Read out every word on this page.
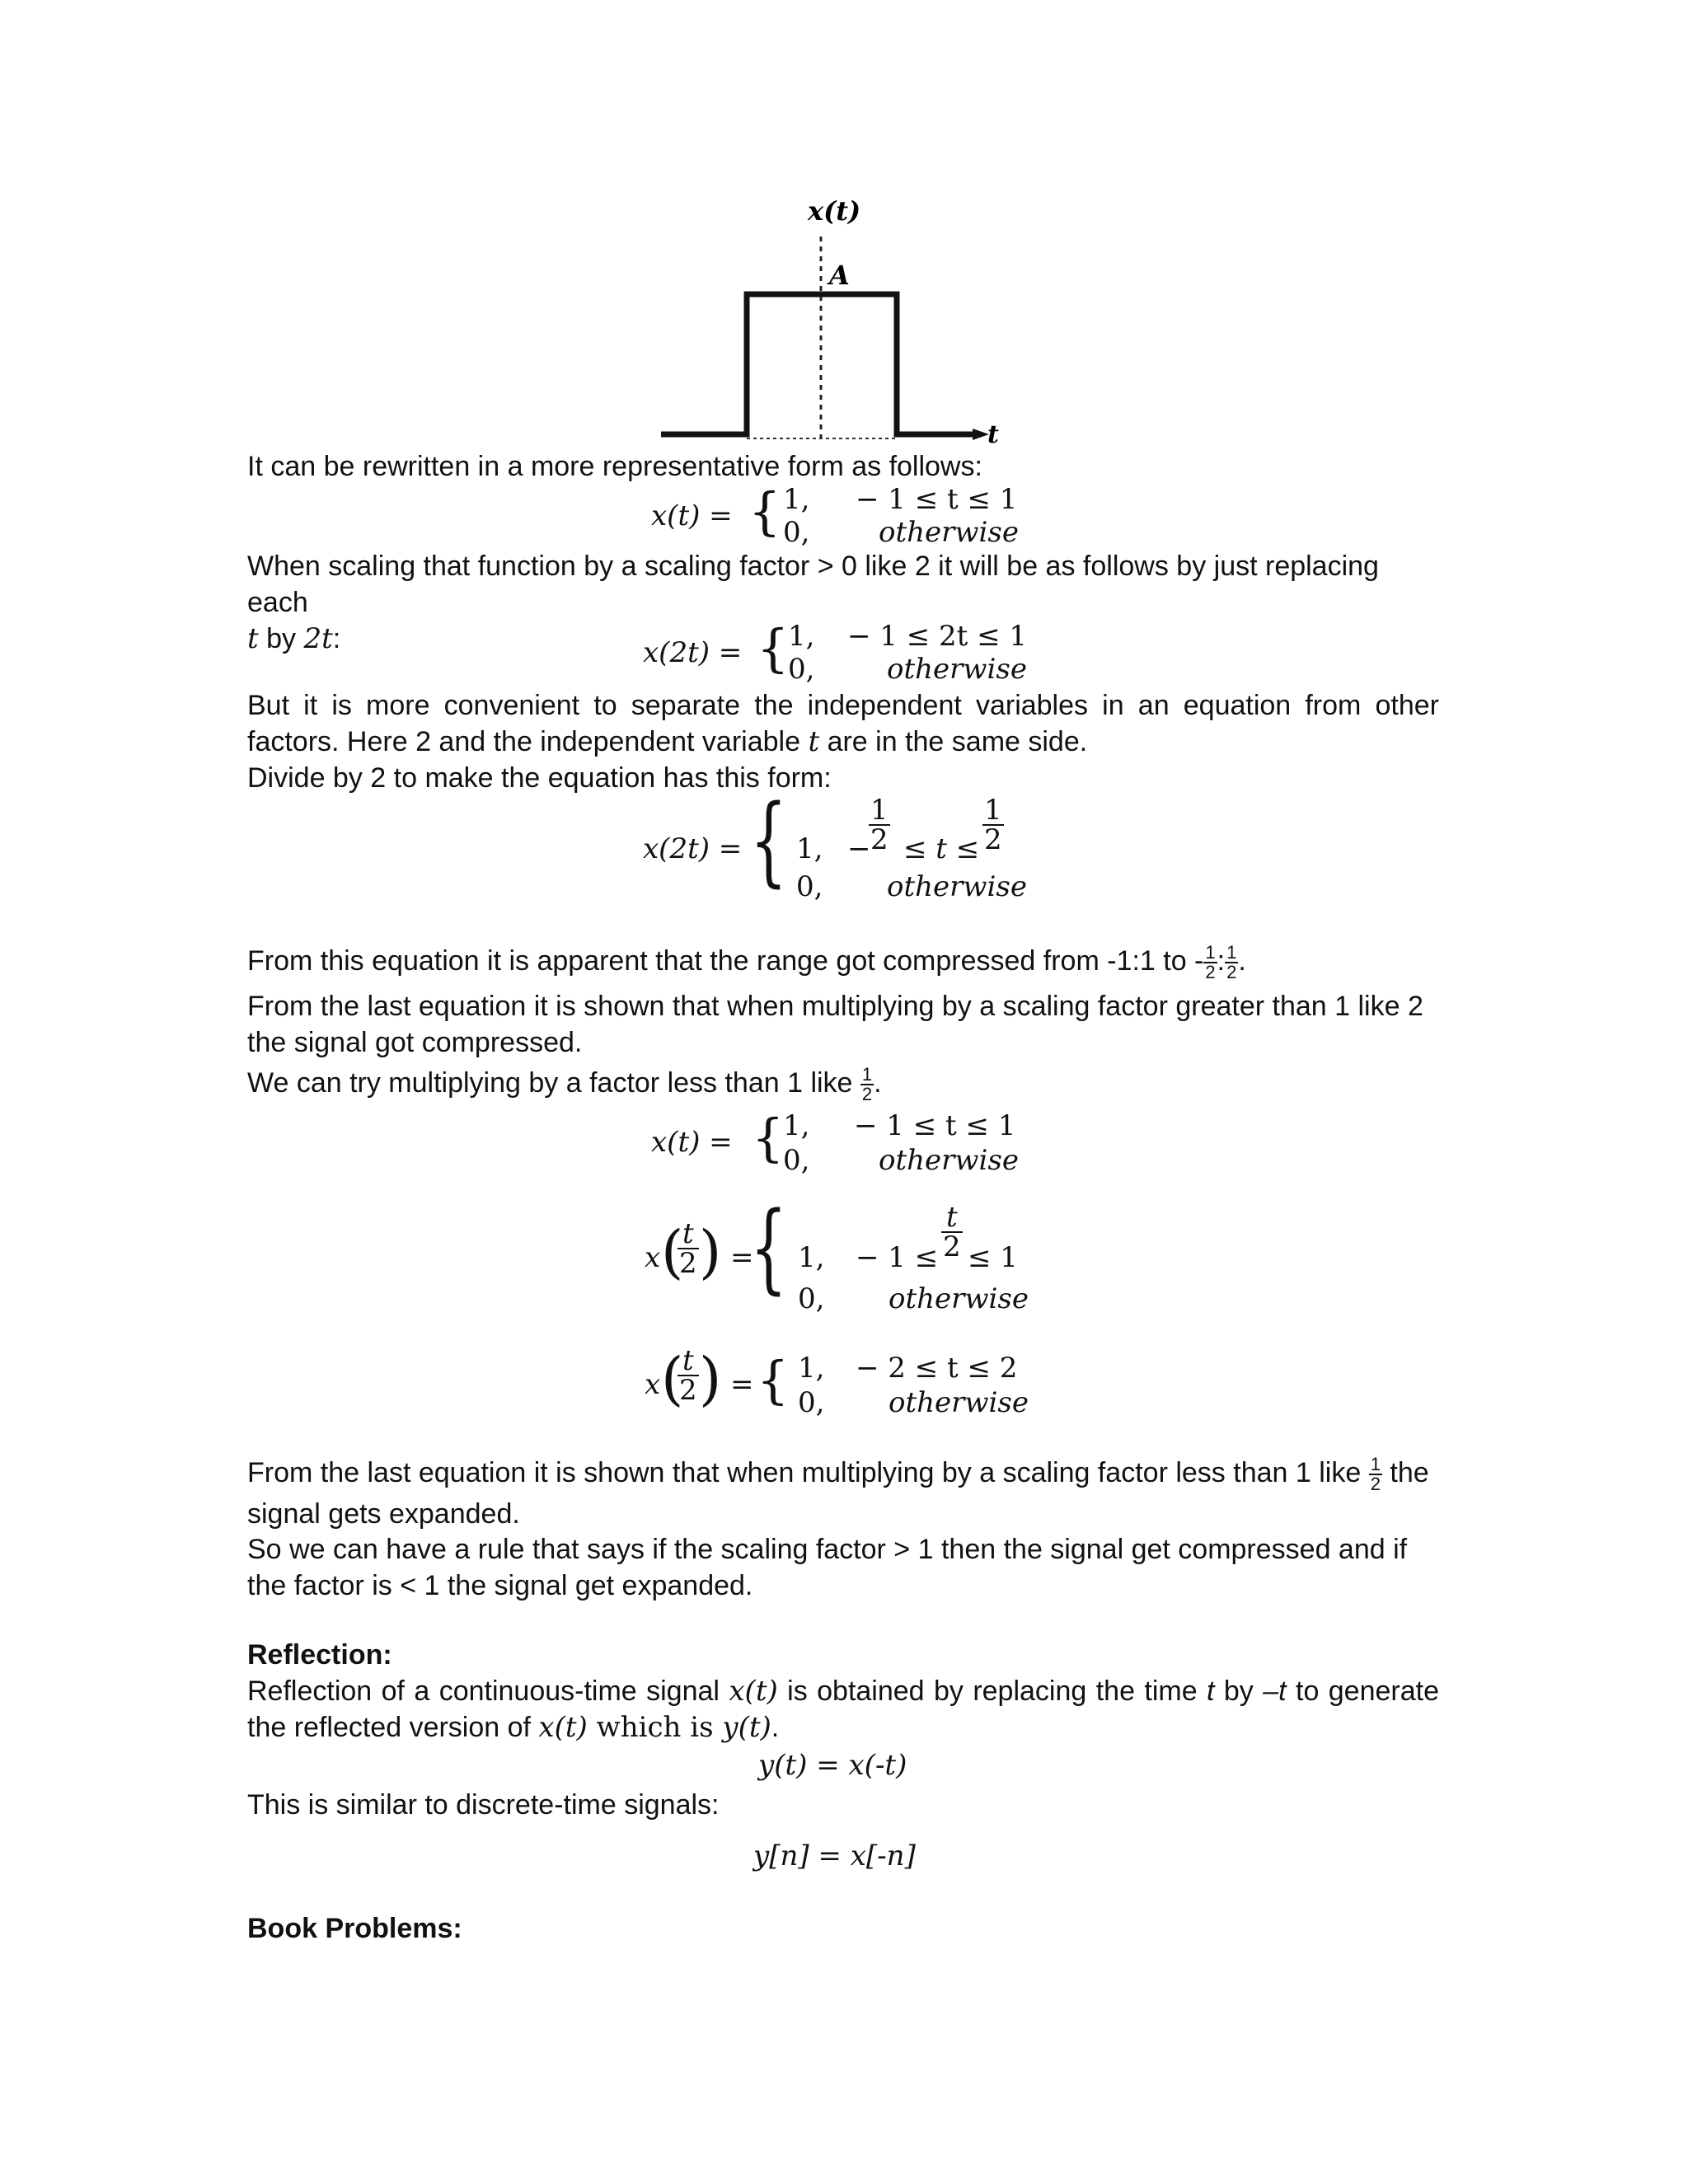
x(t)
A
t
It can be rewritten in a more representative form as follows:
x(t) = { 1, − 1 ≤ t ≤ 1
0, otherwise
When scaling that function by a scaling factor > 0 like 2 it will be as follows by just replacing each
t by 2t:	x(2t) = {
1, − 1 ≤ 2t ≤ 1
0,	otherwise
But it is more convenient to separate the independent variables in an equation from other factors. Here 2 and the independent variable t are in the same side.
Divide by 2 to make the equation has this form:
x(2t) = { 1, −
$\frac{1}{2} \le t \le \frac{1}{2}$
0, otherwise
From this equation it is apparent that the range got compressed from -1:1 to - $\frac{1}{2}$ : $\frac{1}{2}$ .
From the last equation it is shown that when multiplying by a scaling factor greater than 1 like 2 the signal got compressed.
We can try multiplying by a factor less than 1 like $\frac{1}{2}$ .
x(t) = {
1, − 1 ≤ t ≤ 1
0, otherwise
x (
$\frac{t}{2}$ ) =
{ 1, − $1 \le \frac{t}{2} \le 1$
0, otherwise
x (
$\frac{t}{2}$ ) = { 1, − 2 ≤ t ≤ 2
0, otherwise
From the last equation it is shown that when multiplying by a scaling factor less than 1 like $\frac{1}{2}$ the signal gets expanded.
So we can have a rule that says if the scaling factor > 1 then the signal get compressed and if the factor is < 1 the signal get expanded.
Reflection:
Reflection of a continuous-time signal x(t) is obtained by replacing the time t by –t to generate the reflected version of x(t) which is y(t).
y(t) = x(-t)
This is similar to discrete-time signals:
y[n] = x[-n]
Book Problems:
